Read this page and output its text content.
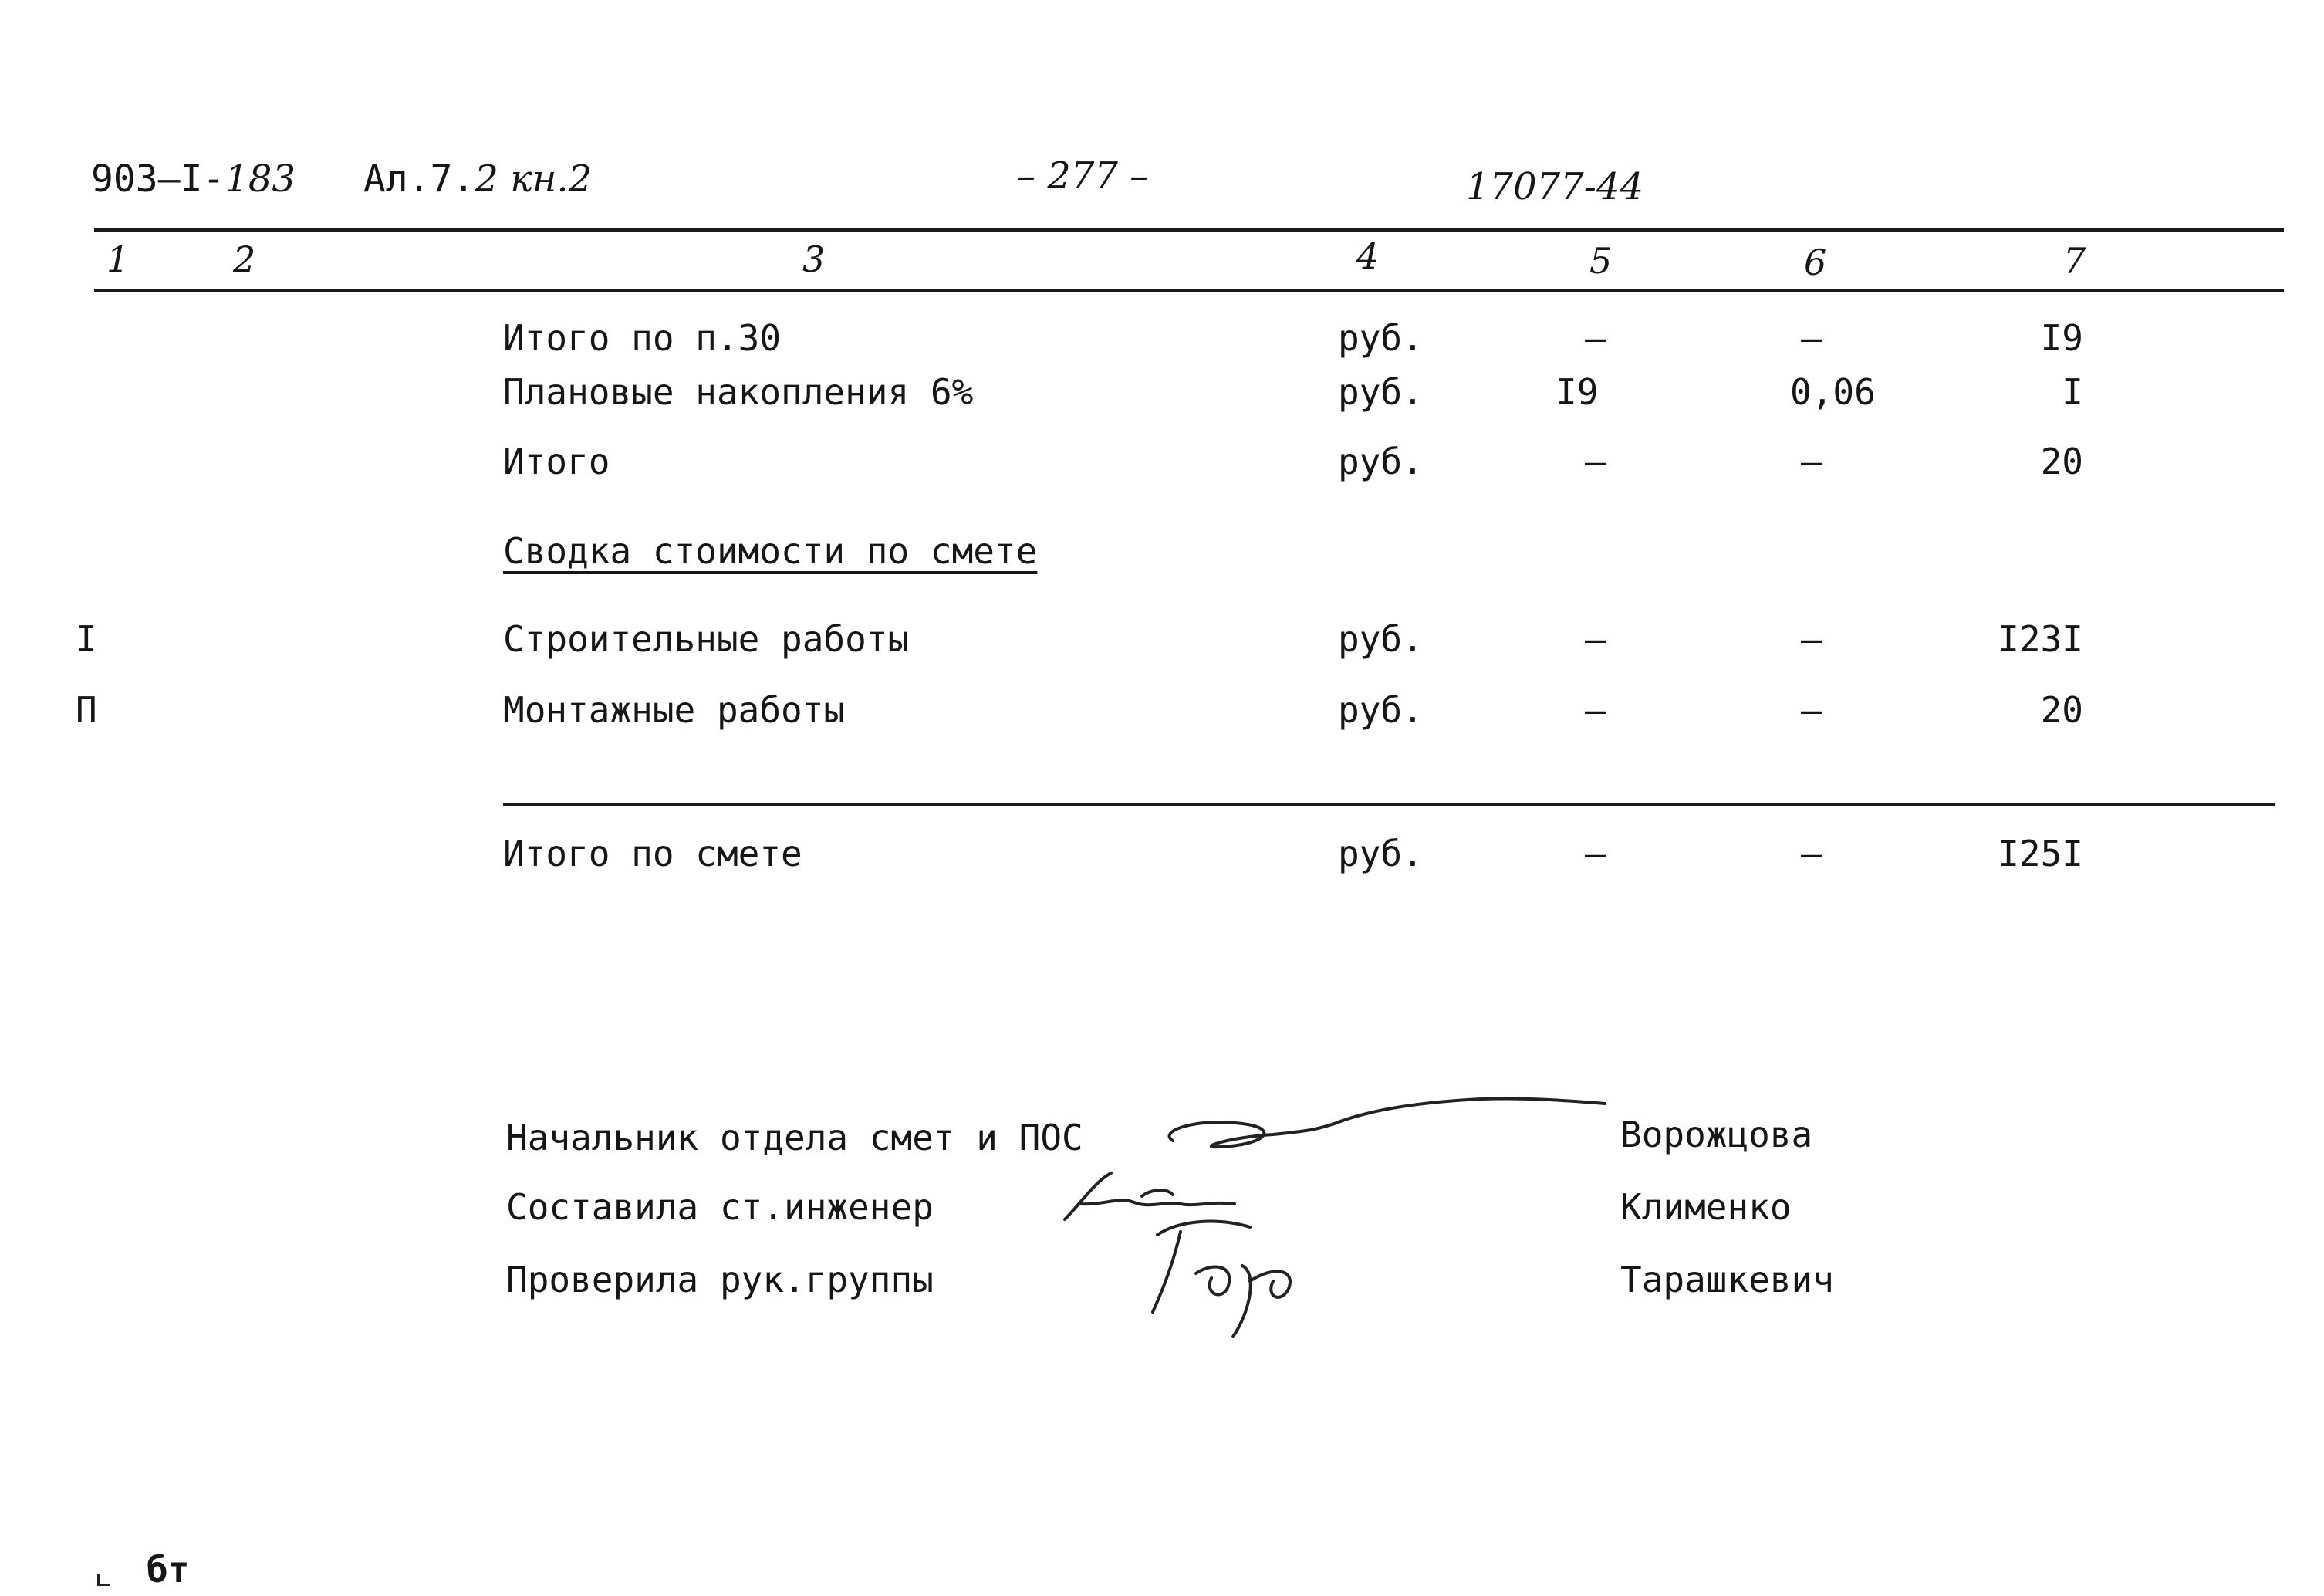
903–I-183 Ал.7.2 кн.2	– 277 –	17077-44
1	2	3	4	5	6	7
Итого по п.30	руб.	–	–	I9
Плановые накопления 6%	руб.	I9	0,06	I
Итого	руб.	–	–	20
Сводка стоимости по смете
I	Строительные работы	руб.	–	–	I23I
П	Монтажные работы	руб.	–	–	20
Итого по смете	руб.	–	–	I25I
Начальник отдела смет и ПОС	Ворожцова
Составила ст.инженер	Клименко
Проверила рук.группы	Тарашкевич
бт
